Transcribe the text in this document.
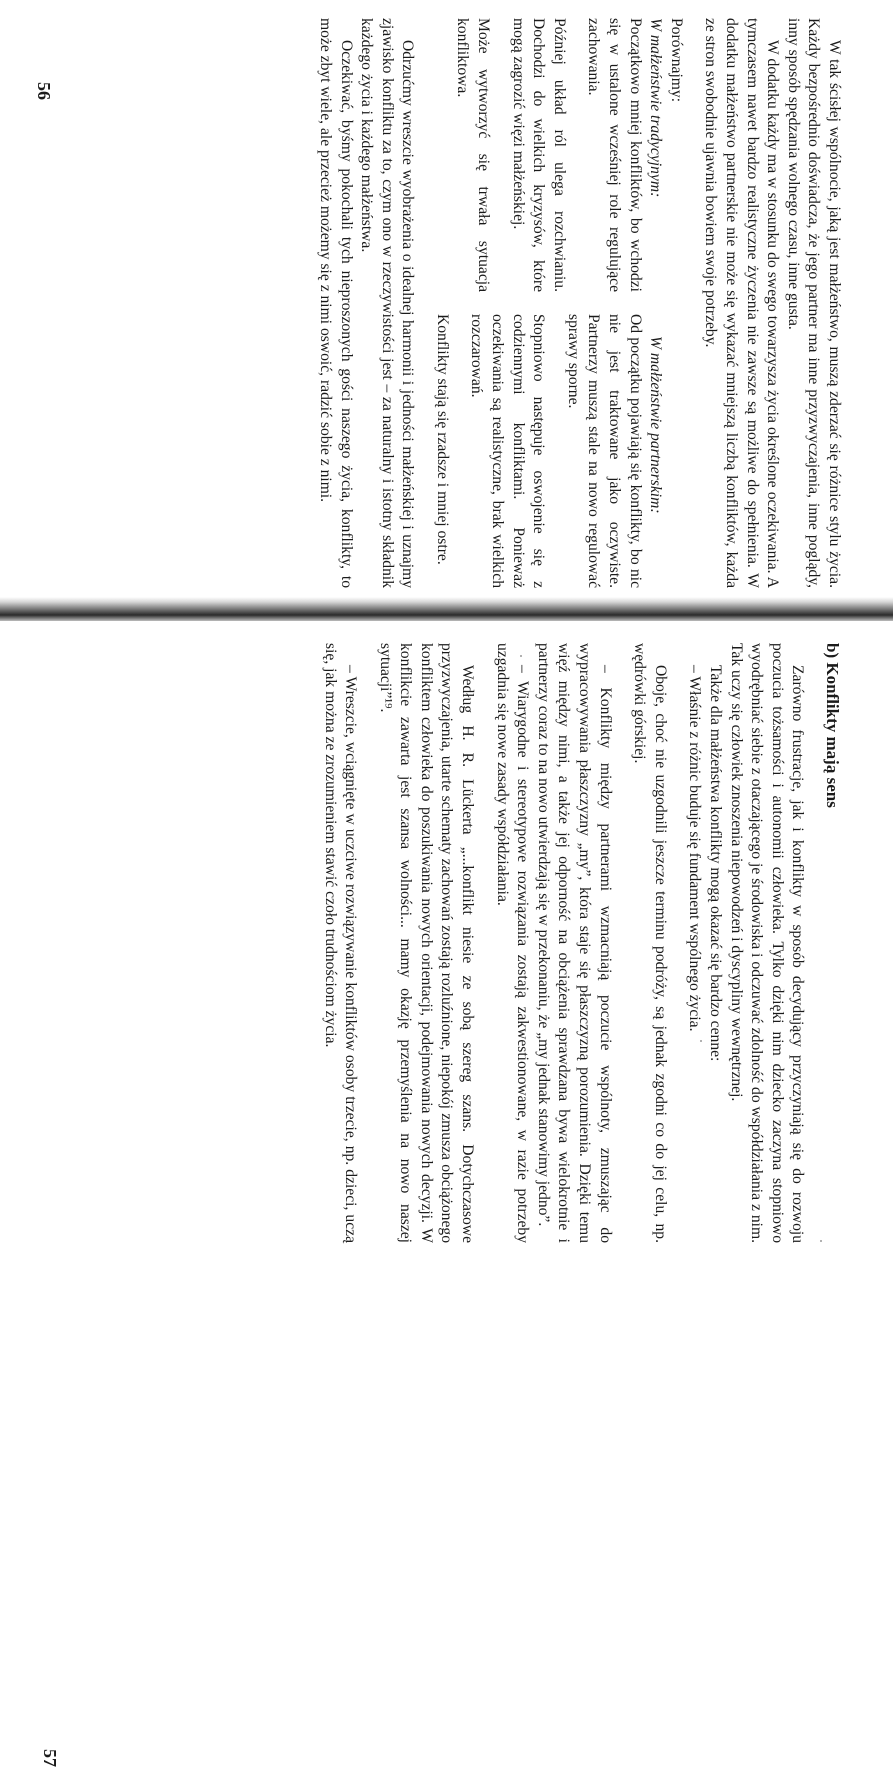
W tak ścisłej wspólnocie, jaką jest małżeństwo, muszą zderzać się różnice stylu życia. Każdy bezpośrednio doświadcza, że jego partner ma inne przyzwyczajenia, inne poglądy, inny sposób spędzania wolnego czasu, inne gusta.

W dodatku każdy ma w stosunku do swego towarzysza życia określone oczekiwania. A tymczasem nawet bardzo realistyczne życzenia nie zawsze są możliwe do spełnienia. W dodatku małżeństwo partnerskie nie może się wykazać mniejszą liczbą konfliktów, każda ze stron swobodnie ujawnia bowiem swoje potrzeby.

Porównajmy:

W małżeństwie tradycyjnym:

Początkowo mniej konfliktów, bo wchodzi się w ustalone wcześniej role regulujące zachowania.

Później układ ról ulega rozchwianiu. Dochodzi do wielkich kryzysów, które mogą zagrozić więzi małżeńskiej.

Może wytworzyć się trwała sytuacja konfliktowa.

W małżeństwie partnerskim:

Od początku pojawiają się konflikty, bo nic nie jest traktowane jako oczywiste. Partnerzy muszą stale na nowo regulować sprawy sporne.

Stopniowo następuje oswojenie się z codziennymi konfliktami. Ponieważ oczekiwania są realistyczne, brak wielkich rozczarowań.

Konflikty stają się rzadsze i mniej ostre.

Odrzućmy wreszcie wyobrażenia o idealnej harmonii i jedności małżeńskiej i uznajmy zjawisko konfliktu za to, czym ono w rzeczywistości jest – za naturalny i istotny składnik każdego życia i każdego małżeństwa.

Oczekiwać, byśmy pokochali tych nieproszonych gości naszego życia, konflikty, to może zbyt wiele, ale przecież możemy się z nimi oswoić, radzić sobie z nimi.

56

b) Konflikty mają sens

Zarówno frustracje, jak i konflikty w sposób decydujący przyczyniają się do rozwoju poczucia tożsamości i autonomii człowieka. Tylko dzięki nim dziecko zaczyna stopniowo wyodrębniać siebie z otaczającego je środowiska i odczuwać zdolność do współdziałania z nim. Tak uczy się człowiek znoszenia niepowodzeń i dyscypliny wewnętrznej.

Także dla małżeństwa konflikty mogą okazać się bardzo cenne:

– Właśnie z różnic buduje się fundament wspólnego życia.

Oboje, choć nie uzgodnili jeszcze terminu podróży, są jednak zgodni co do jej celu, np. wędrówki górskiej.

– Konflikty między partnerami wzmacniają poczucie wspólnoty, zmuszając do wypracowywania płaszczyzny „my”, która staje się płaszczyzną porozumienia. Dzięki temu więź między nimi, a także jej odporność na obciążenia sprawdzana bywa wielokrotnie i partnerzy coraz to na nowo utwierdzają się w przekonaniu, że „my jednak stanowimy jedno”.

– Wiarygodne i stereotypowe rozwiązania zostają zakwestionowane, w razie potrzeby uzgadnia się nowe zasady współdziałania.

Według H. R. Lückerta „...konflikt niesie ze sobą szereg szans. Dotychczasowe przyzwyczajenia, utarte schematy zachowań zostają rozluźnione, niepokój zmusza obciążonego konfliktem człowieka do poszukiwania nowych orientacji, podejmowania nowych decyzji. W konflikcie zawarta jest szansa wolności... mamy okazję przemyślenia na nowo naszej sytuacji”¹⁹.

– Wreszcie, wciągnięte w uczciwe rozwiązywanie konfliktów osoby trzecie, np. dzieci, uczą się, jak można ze zrozumieniem stawić czoło trudnościom życia.

57
